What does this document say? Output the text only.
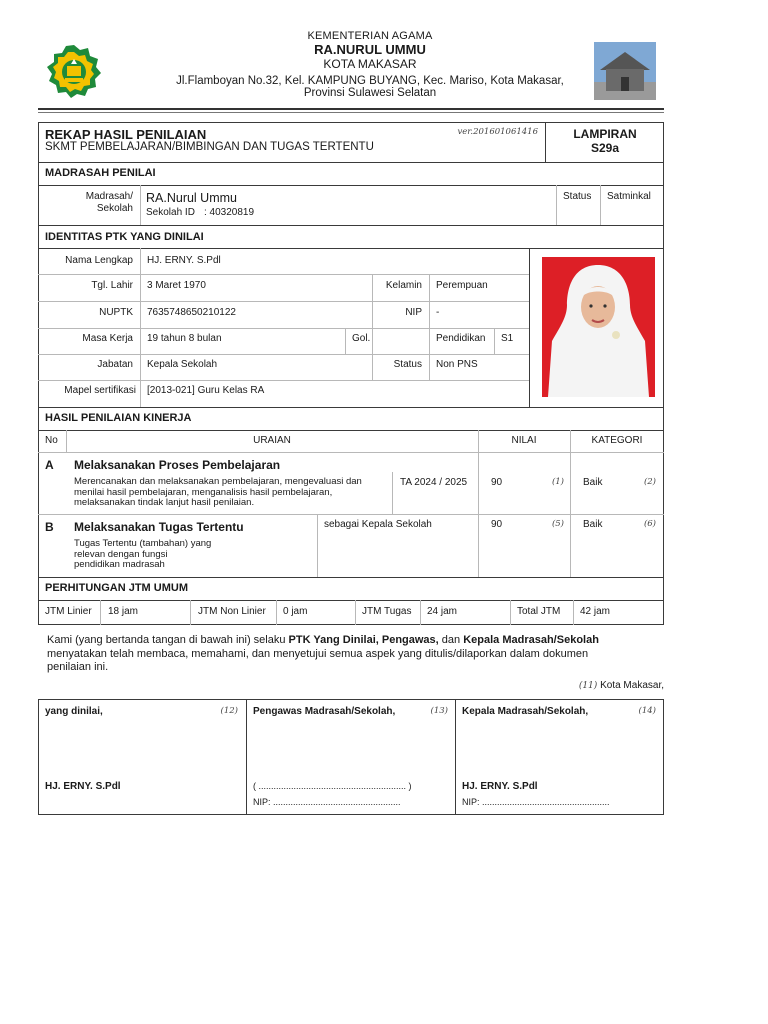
KEMENTERIAN AGAMA
RA.NURUL UMMU
KOTA MAKASAR
Jl.Flamboyan No.32, Kel. KAMPUNG BUYANG, Kec. Mariso, Kota Makasar,
Provinsi Sulawesi Selatan
REKAP HASIL PENILAIAN
SKMT PEMBELAJARAN/BIMBINGAN DAN TUGAS TERTENTU
ver.201601061416	LAMPIRAN
S29a
MADRASAH PENILAI
Madrasah/
Sekolah
RA.Nurul Ummu
Sekolah ID : 40320819
Status Satminkal
IDENTITAS PTK YANG DINILAI
Nama Lengkap HJ. ERNY. S.Pdl
Tgl. Lahir 3 Maret 1970	Kelamin Perempuan
NUPTK 7635748650210122	NIP -
Masa Kerja 19 tahun 8 bulan	Gol.	Pendidikan S1
Jabatan Kepala Sekolah	Status Non PNS
Mapel sertifikasi [2013-021] Guru Kelas RA
HASIL PENILAIAN KINERJA
No	URAIAN	NILAI	KATEGORI
A Melaksanakan Proses Pembelajaran
Merencanakan dan melaksanakan pembelajaran, mengevaluasi dan
menilai hasil pembelajaran, menganalisis hasil pembelajaran,
melaksanakan tindak lanjut hasil penilaian.
TA 2024 / 2025 90	(1) Baik	(2)
B Melaksanakan Tugas Tertentu
Tugas Tertentu (tambahan) yang
relevan dengan fungsi
pendidikan madrasah
sebagai Kepala Sekolah	90	(5) Baik	(6)
PERHITUNGAN JTM UMUM
JTM Linier 18 jam	JTM Non Linier 0 jam	JTM Tugas 24 jam	Total JTM 42 jam
Kami (yang bertanda tangan di bawah ini) selaku PTK Yang Dinilai, Pengawas, dan Kepala Madrasah/Sekolah
menyatakan telah membaca, memahami, dan menyetujui semua aspek yang ditulis/dilaporkan dalam dokumen
penilaian ini.
(11) Kota Makasar,
yang dinilai,	(12)
HJ. ERNY. S.Pdl
Pengawas Madrasah/Sekolah,	(13)
( ........................................................... )
NIP: ...................................................
Kepala Madrasah/Sekolah,	(14)
HJ. ERNY. S.Pdl
NIP: ...................................................
